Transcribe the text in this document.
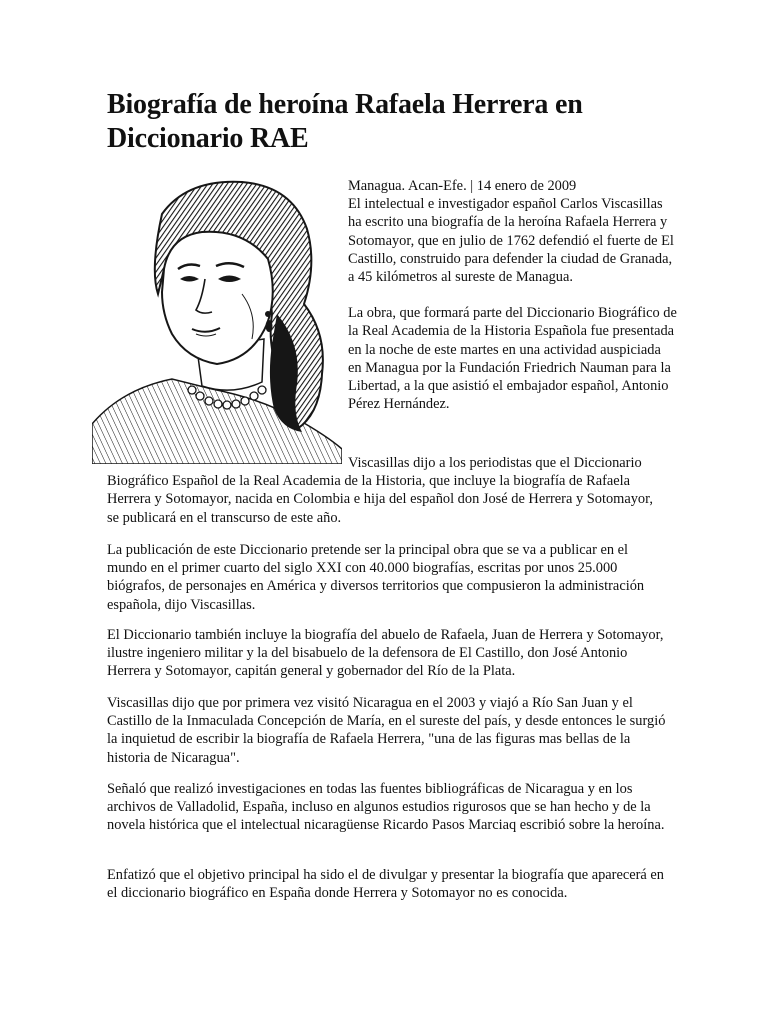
Biografía de heroína Rafaela Herrera en Diccionario RAE

Managua. Acan-Efe. | 14 enero de 2009
El intelectual e investigador español Carlos Viscasillas ha escrito una biografía de la heroína Rafaela Herrera y Sotomayor, que en julio de 1762 defendió el fuerte de El Castillo, construido para defender la ciudad de Granada, a 45 kilómetros al sureste de Managua.

La obra, que formará parte del Diccionario Biográfico de la Real Academia de la Historia Española fue presentada en la noche de este martes en una actividad auspiciada en Managua por la Fundación Friedrich Nauman para la Libertad, a la que asistió el embajador español, Antonio Pérez Hernández.

Viscasillas dijo a los periodistas que el Diccionario
Biográfico Español de la Real Academia de la Historia, que incluye la biografía de Rafaela Herrera y Sotomayor, nacida en Colombia e hija del español don José de Herrera y Sotomayor, se publicará en el transcurso de este año.

La publicación de este Diccionario pretende ser la principal obra que se va a publicar en el mundo en el primer cuarto del siglo XXI con 40.000 biografías, escritas por unos 25.000 biógrafos, de personajes en América y diversos territorios que compusieron la administración española, dijo Viscasillas.

El Diccionario también incluye la biografía del abuelo de Rafaela, Juan de Herrera y Sotomayor, ilustre ingeniero militar y la del bisabuelo de la defensora de El Castillo, don José Antonio Herrera y Sotomayor, capitán general y gobernador del Río de la Plata.

Viscasillas dijo que por primera vez visitó Nicaragua en el 2003 y viajó a Río San Juan y el Castillo de la Inmaculada Concepción de María, en el sureste del país, y desde entonces le surgió la inquietud de escribir la biografía de Rafaela Herrera, "una de las figuras mas bellas de la historia de Nicaragua".

Señaló que realizó investigaciones en todas las fuentes bibliográficas de Nicaragua y en los archivos de Valladolid, España, incluso en algunos estudios rigurosos que se han hecho y de la novela histórica que el intelectual nicaragüense Ricardo Pasos Marciaq escribió sobre la heroína.

Enfatizó que el objetivo principal ha sido el de divulgar y presentar la biografía que aparecerá en el diccionario biográfico en España donde Herrera y Sotomayor no es conocida.
